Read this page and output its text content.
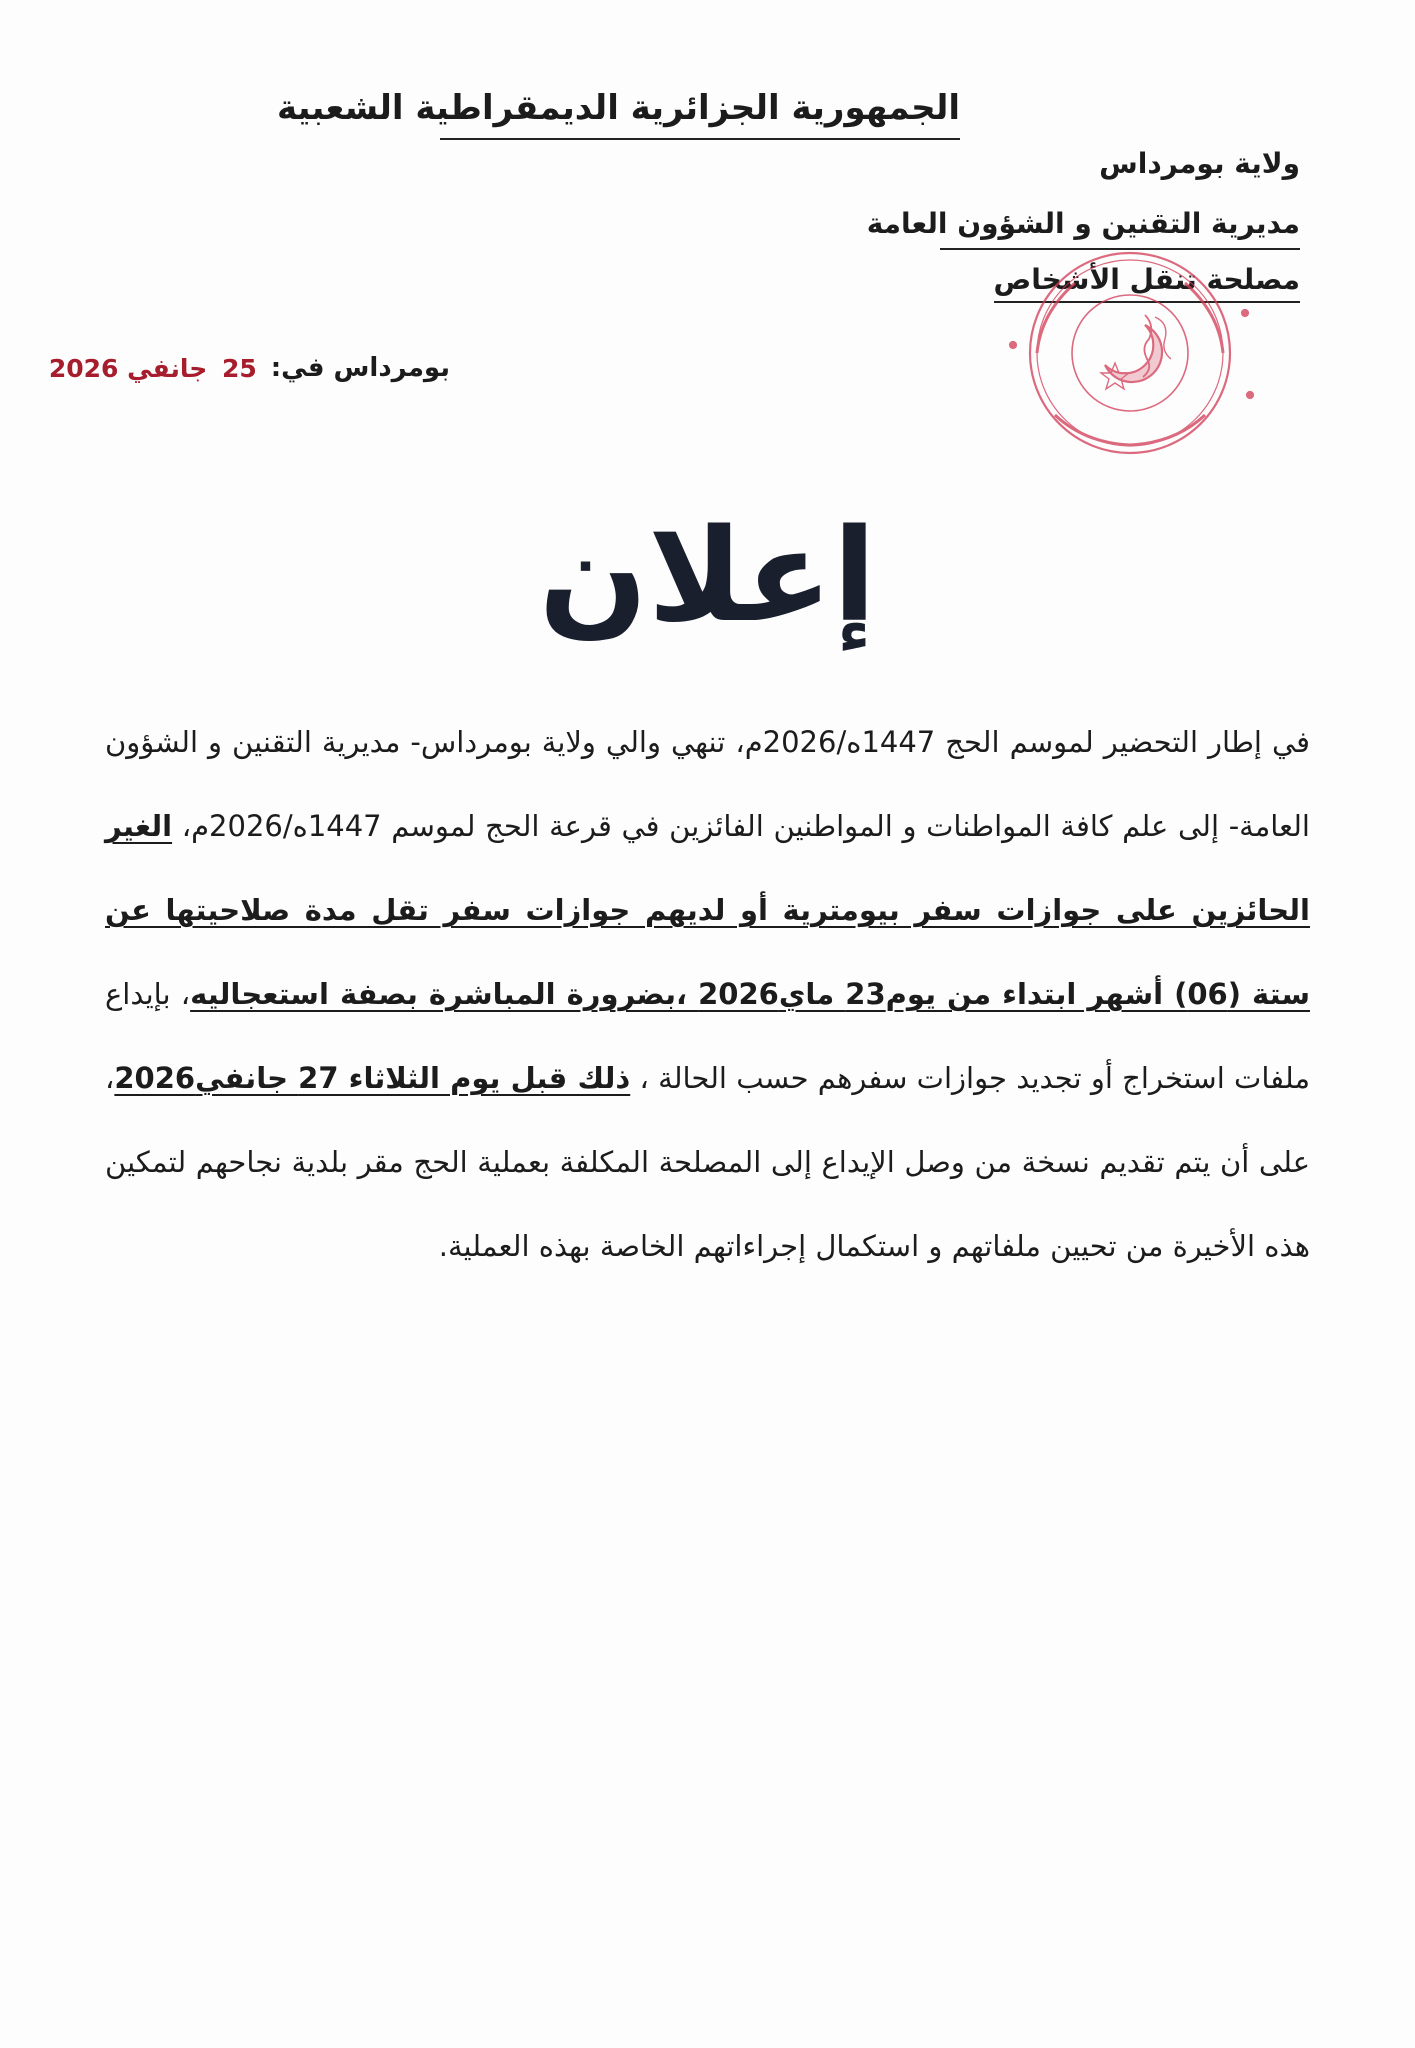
الجمهورية الجزائرية الديمقراطية الشعبية
ولاية بومرداس
مديرية التقنين و الشؤون العامة
مصلحة تنقل الأشخاص
بومرداس في:
25 جانفي 2026
إعلان
في إطار التحضير لموسم الحج 1447ه/2026م، تنهي والي ولاية بومرداس- مديرية التقنين و الشؤون العامة- إلى علم كافة المواطنات و المواطنين الفائزين في قرعة الحج لموسم 1447ه/2026م، الغير الحائزين على جوازات سفر بيومترية أو لديهم جوازات سفر تقل مدة صلاحيتها عن ستة (06) أشهر ابتداء من يوم23 ماي2026 ،بضرورة المباشرة بصفة استعجاليه، بإيداع ملفات استخراج أو تجديد جوازات سفرهم حسب الحالة ، ذلك قبل يوم الثلاثاء 27 جانفي2026، على أن يتم تقديم نسخة من وصل الإيداع إلى المصلحة المكلفة بعملية الحج مقر بلدية نجاحهم لتمكين هذه الأخيرة من تحيين ملفاتهم و استكمال إجراءاتهم الخاصة بهذه العملية.
